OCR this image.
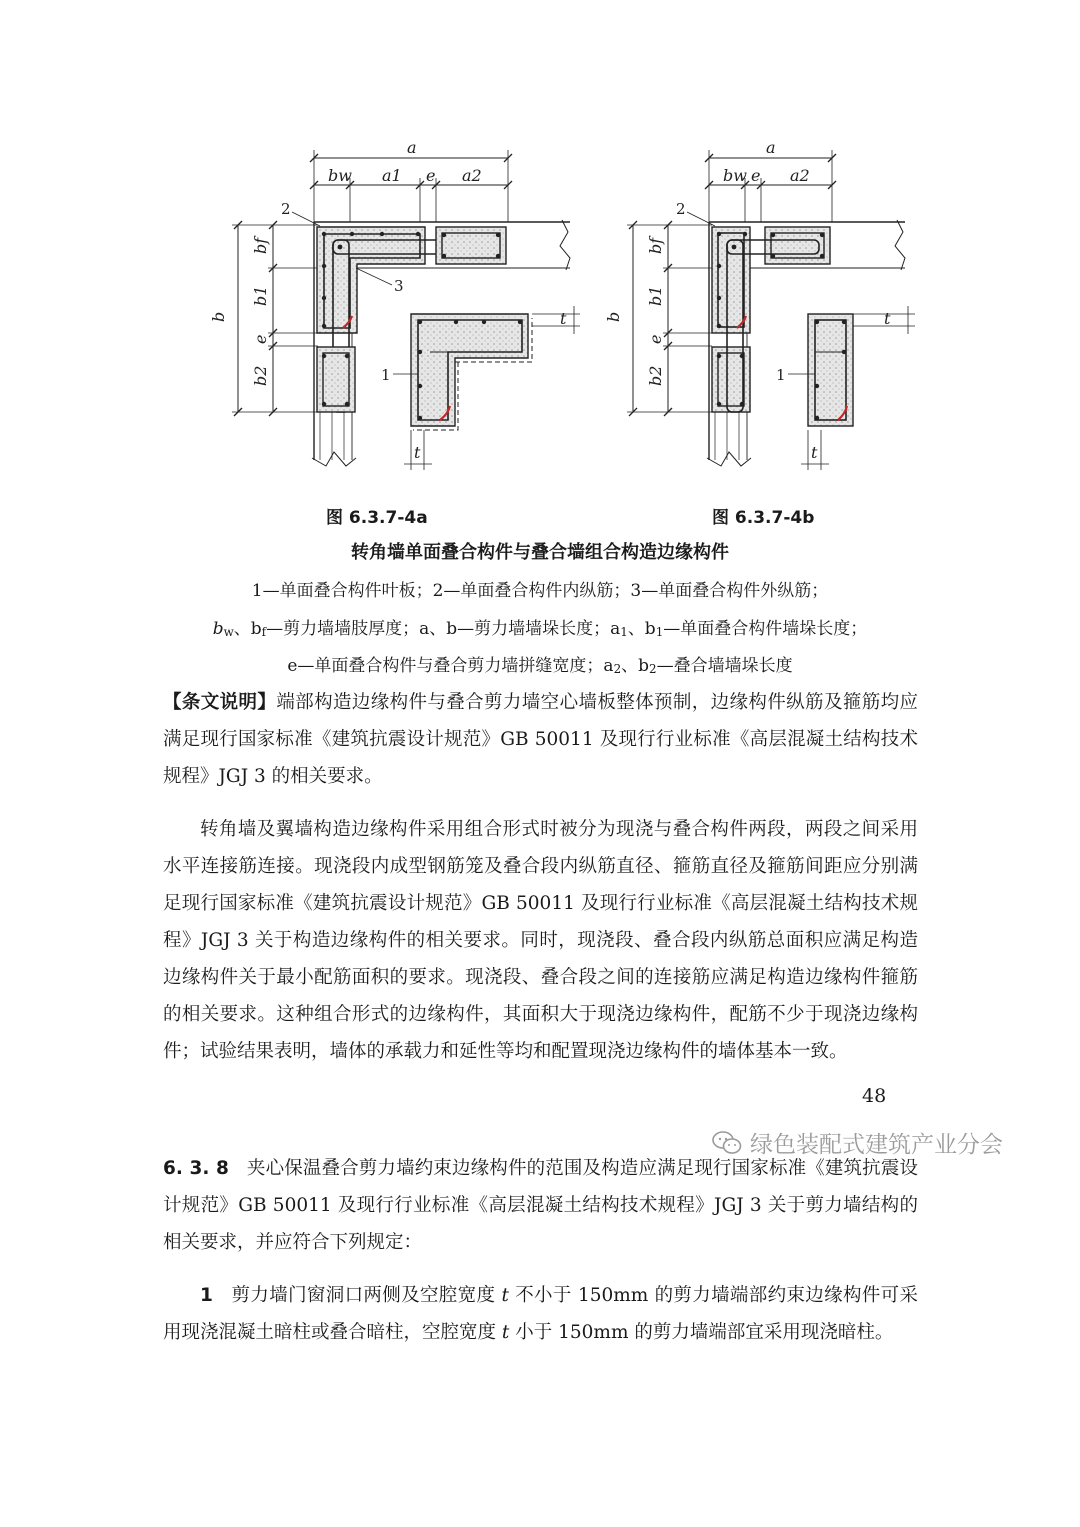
a
bw a1 e a2
b
bf
b1
e
b2
t
t
2
3
1
a
bw e a2
b
bf
b1
e
b2
t
t
2
1
图 6.3.7-4a	图 6.3.7-4b
转角墙单面叠合构件与叠合墙组合构造边缘构件
1—单面叠合构件叶板；2—单面叠合构件内纵筋；3—单面叠合构件外纵筋；
bw、bf—剪力墙墙肢厚度；a、b—剪力墙墙垛长度；a1、b1—单面叠合构件墙垛长度；
e—单面叠合构件与叠合剪力墙拼缝宽度；a2、b2—叠合墙墙垛长度

【条文说明】端部构造边缘构件与叠合剪力墙空心墙板整体预制，边缘构件纵筋及箍筋均应满足现行国家标准《建筑抗震设计规范》GB 50011 及现行行业标准《高层混凝土结构技术规程》JGJ 3 的相关要求。

转角墙及翼墙构造边缘构件采用组合形式时被分为现浇与叠合构件两段，两段之间采用水平连接筋连接。现浇段内成型钢筋笼及叠合段内纵筋直径、箍筋直径及箍筋间距应分别满足现行国家标准《建筑抗震设计规范》GB 50011 及现行行业标准《高层混凝土结构技术规程》JGJ 3 关于构造边缘构件的相关要求。同时，现浇段、叠合段内纵筋总面积应满足构造边缘构件关于最小配筋面积的要求。现浇段、叠合段之间的连接筋应满足构造边缘构件箍筋的相关要求。这种组合形式的边缘构件，其面积大于现浇边缘构件，配筋不少于现浇边缘构件；试验结果表明，墙体的承载力和延性等均和配置现浇边缘构件的墙体基本一致。

6. 3. 8 夹心保温叠合剪力墙约束边缘构件的范围及构造应满足现行国家标准《建筑抗震设计规范》GB 50011 及现行行业标准《高层混凝土结构技术规程》JGJ 3 关于剪力墙结构的相关要求，并应符合下列规定：

1 剪力墙门窗洞口两侧及空腔宽度 t 不小于 150mm 的剪力墙端部约束边缘构件可采用现浇混凝土暗柱或叠合暗柱，空腔宽度 t 小于 150mm 的剪力墙端部宜采用现浇暗柱。

48
绿色装配式建筑产业分会
